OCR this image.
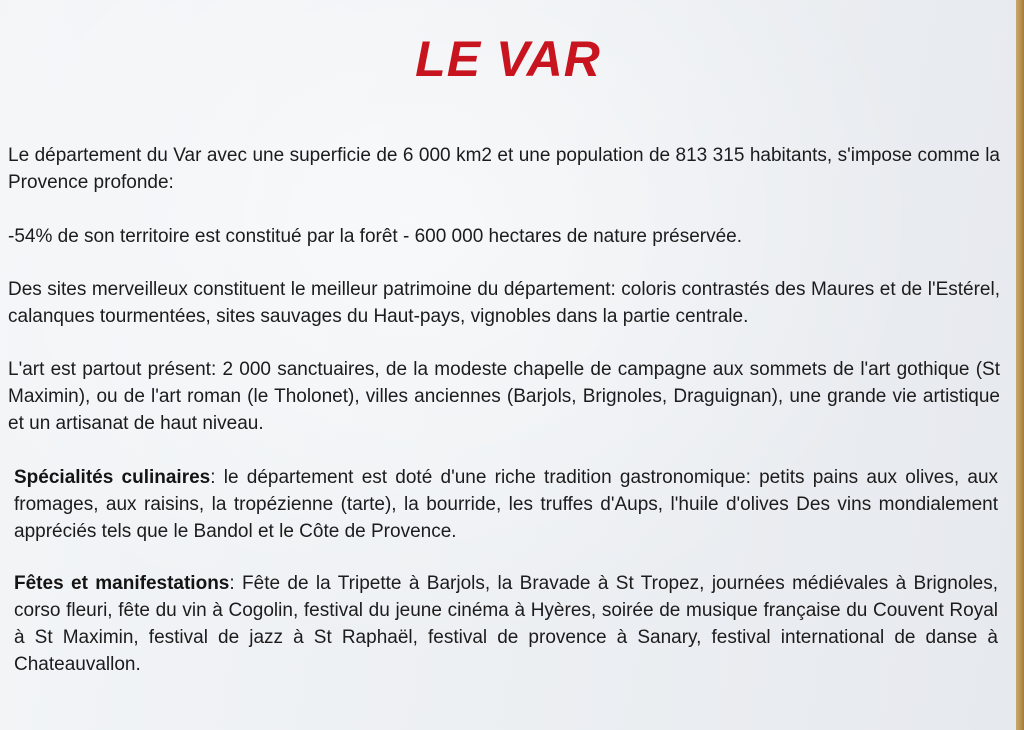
LE VAR

Le département du Var avec une superficie de 6 000 km2 et une population de 813 315 habitants, s'impose comme la Provence profonde:

-54% de son territoire est constitué par la forêt - 600 000 hectares de nature préservée.

Des sites merveilleux constituent le meilleur patrimoine du département: coloris contrastés des Maures et de l'Estérel, calanques tourmentées, sites sauvages du Haut-pays, vignobles dans la partie centrale.

L'art est partout présent: 2 000 sanctuaires, de la modeste chapelle de campagne aux sommets de l'art gothique (St Maximin), ou de l'art roman (le Tholonet), villes anciennes (Barjols, Brignoles, Draguignan), une grande vie artistique et un artisanat de haut niveau.

Spécialités culinaires: le département est doté d'une riche tradition gastronomique: petits pains aux olives, aux fromages, aux raisins, la tropézienne (tarte), la bourride, les truffes d'Aups, l'huile d'olives Des vins mondialement appréciés tels que le Bandol et le Côte de Provence.

Fêtes et manifestations: Fête de la Tripette à Barjols, la Bravade à St Tropez, journées médiévales à Brignoles, corso fleuri, fête du vin à Cogolin, festival du jeune cinéma à Hyères, soirée de musique française du Couvent Royal à St Maximin, festival de jazz à St Raphaël, festival de provence à Sanary, festival international de danse à Chateauvallon.
